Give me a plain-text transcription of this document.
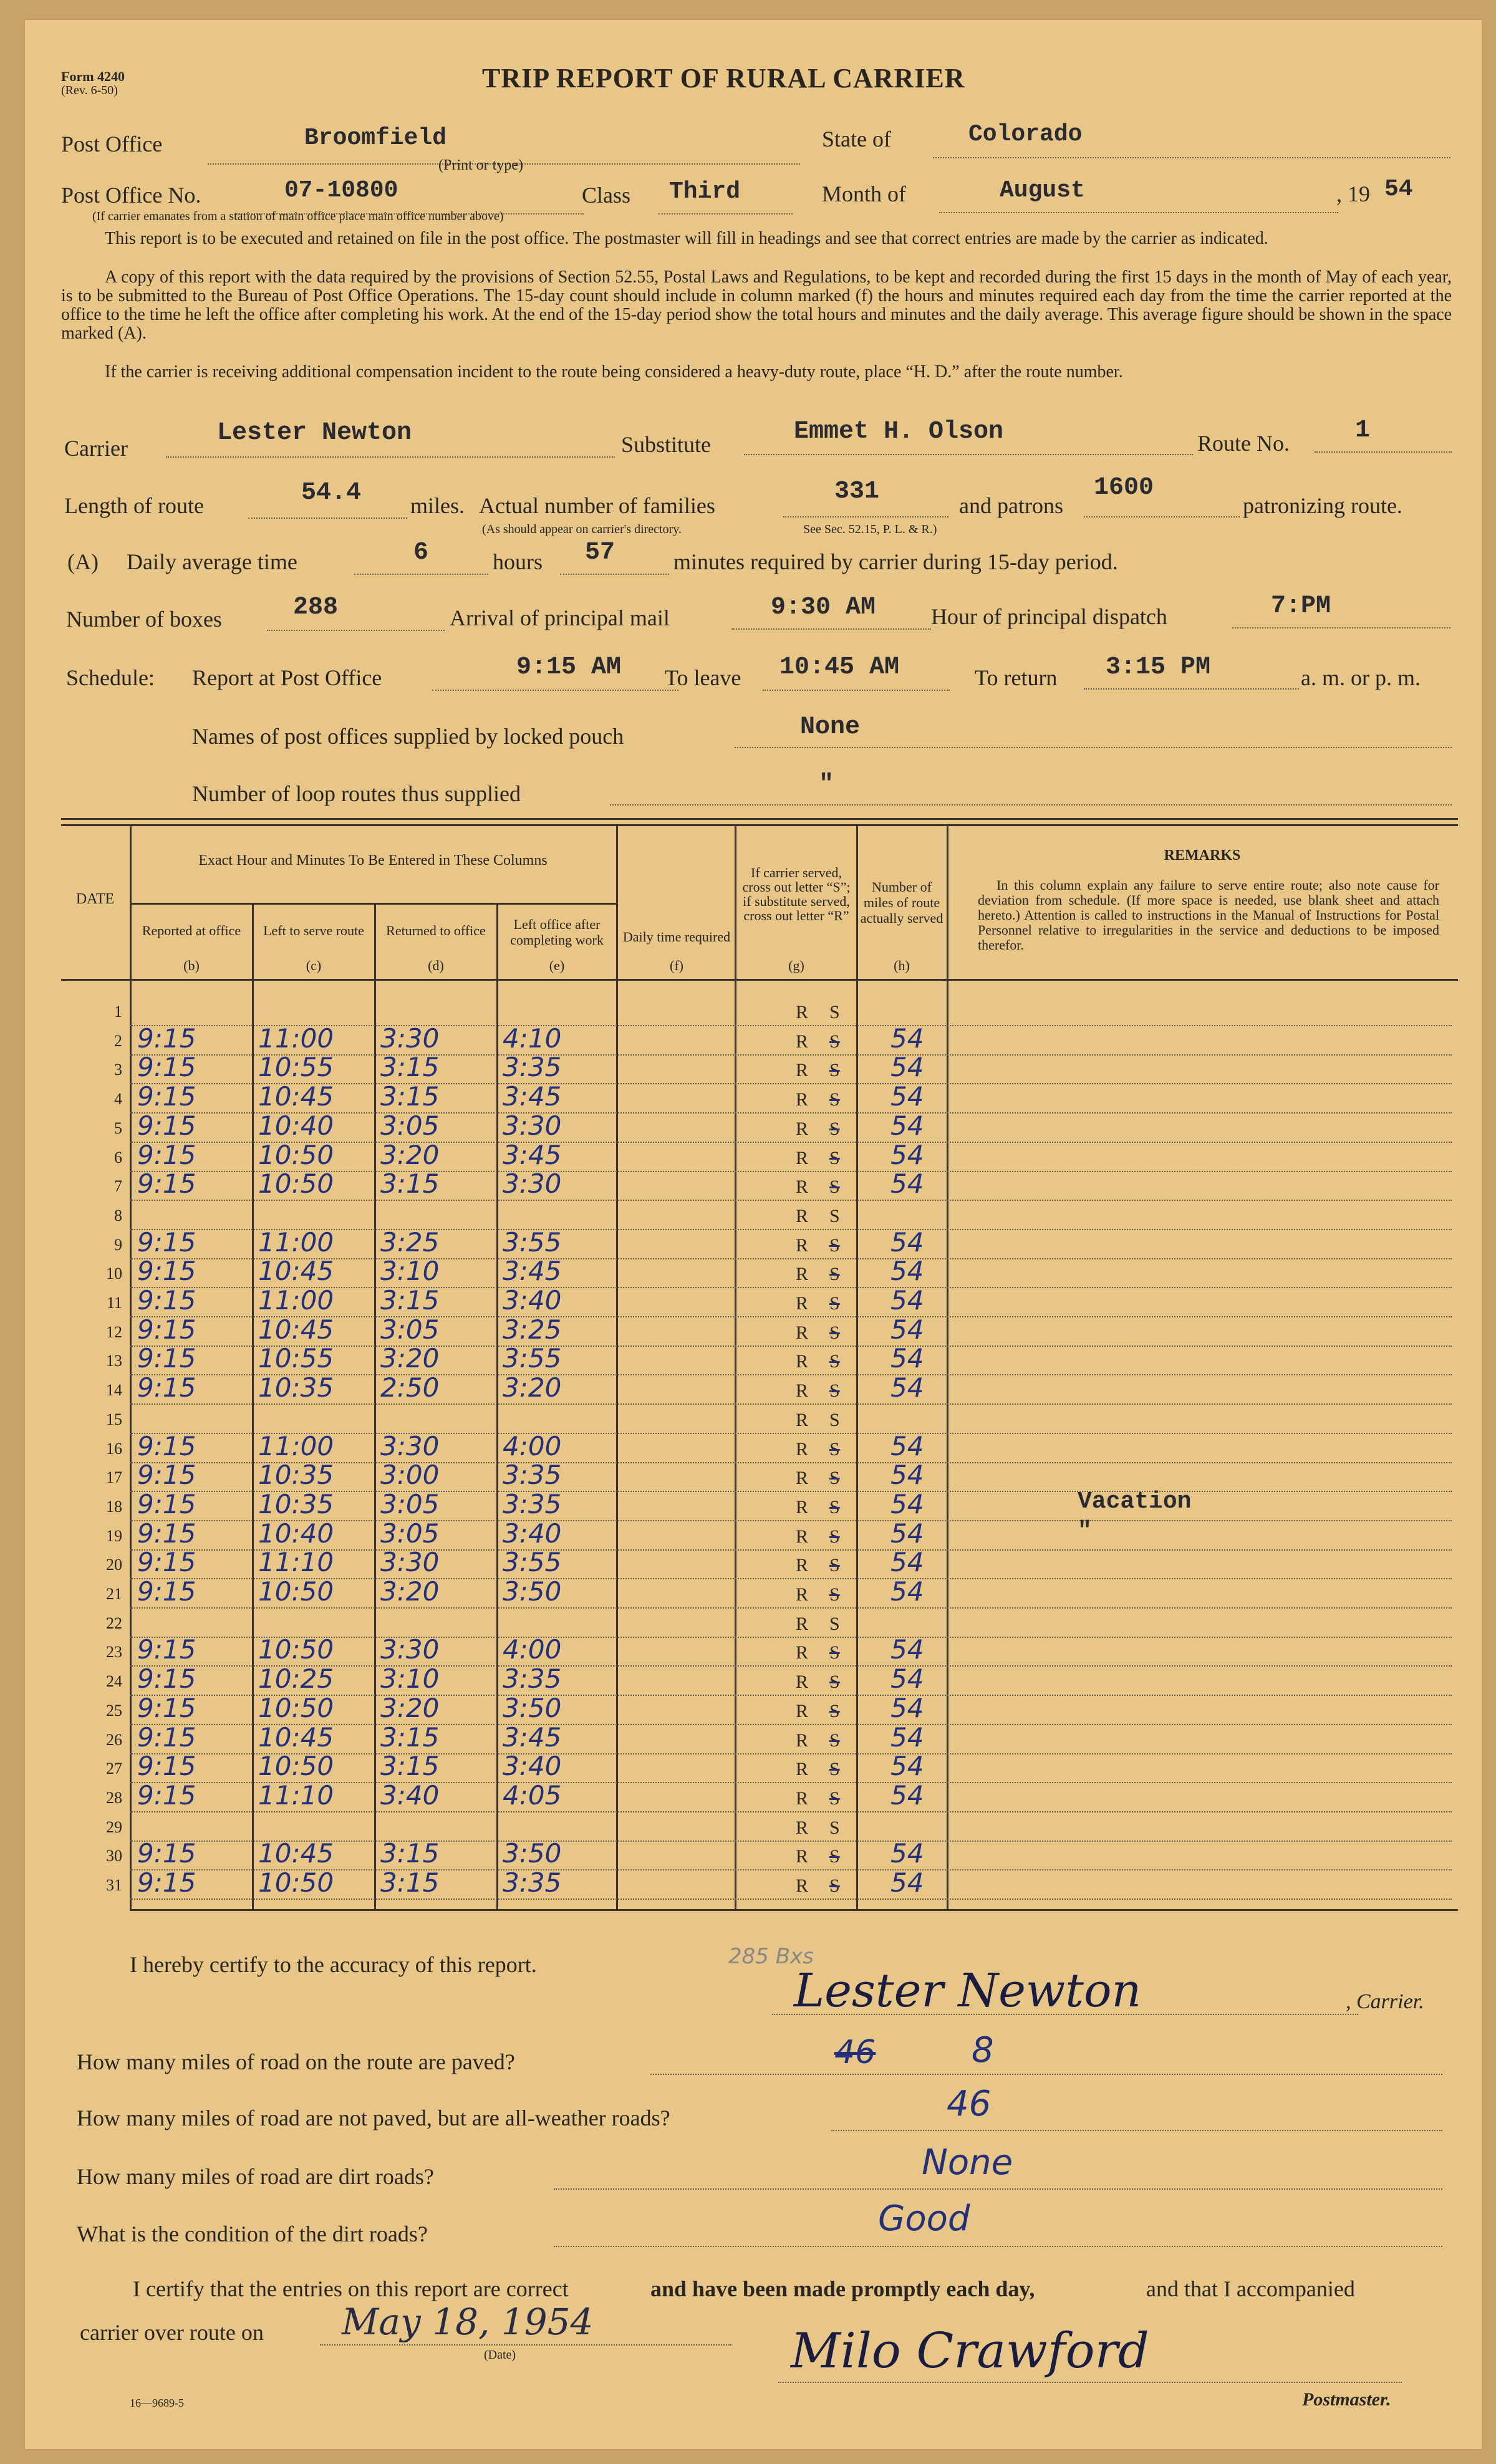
Form 4240
(Rev. 6-50)	TRIP REPORT OF RURAL CARRIER
Post Office	Broomfield
(Print or type)
State of	Colorado
Post Office No.	07-10800	Class Third	Month of	August	, 19 54
(If carrier emanates from a station of main office place main office number above)
This report is to be executed and retained on file in the post office. The postmaster will fill in headings and see that correct entries are made by the carrier as indicated.
A copy of this report with the data required by the provisions of Section 52.55, Postal Laws and Regulations, to be kept and recorded during the first 15 days in the month of May of each year, is to be submitted to the Bureau of Post Office Operations. The 15-day count should include in column marked (f) the hours and minutes required each day from the time the carrier reported at the office to the time he left the office after completing his work. At the end of the 15-day period show the total hours and minutes and the daily average. This average figure should be shown in the space marked (A).
If the carrier is receiving additional compensation incident to the route being considered a heavy-duty route, place “H. D.” after the route number.
Carrier
Lester Newton	Substitute	Emmet H. Olson	Route No.	1
Length of route	54.4 miles. Actual number of families	331	and patrons
1600
patronizing route.
(As should appear on carrier's directory.	See Sec. 52.15, P. L. & R.)
(A) Daily average time	6	hours 57	minutes required by carrier during 15-day period.
Number of boxes	288	Arrival of principal mail	9:30 AM Hour of principal dispatch	7:PM
Schedule: Report at Post Office	9:15 AM To leave 10:45 AM	To return 3:15 PM	a. m. or p. m.
Names of post offices supplied by locked pouch	None
Number of loop routes thus supplied	"
Exact Hour and Minutes To Be Entered in These Columns
DATE
Reported at office
(b)
Left to serve route
(c)
Returned to office
(d)
Left office after completing work
(e)
Daily time required
(f)
If carrier served, cross out letter “S”; if substitute served, cross out letter “R”
(g)
Number of miles of route actually served
(h)
REMARKS
In this column explain any failure to serve entire route; also note cause for deviation from schedule. (If more space is needed, use blank sheet and attach hereto.) Attention is called to instructions in the Manual of Instructions for Postal Personnel relative to irregularities in the service and deductions to be imposed therefor.
1	R S
2 9:15 11:00 3:30 4:10	R S 54
3 9:15 10:55 3:15 3:35	R S 54
4 9:15 10:45 3:15 3:45	R S 54
5 9:15 10:40 3:05 3:30	R S 54
6 9:15 10:50 3:20 3:45	R S 54
7 9:15 10:50 3:15 3:30	R S 54
8	R S
9 9:15 11:00 3:25 3:55	R S 54
10 9:15 10:45 3:10 3:45	R S 54
11 9:15 11:00 3:15 3:40	R S 54
12 9:15 10:45 3:05 3:25	R S 54
13 9:15 10:55 3:20 3:55	R S 54
14 9:15 10:35 2:50 3:20	R S 54
15	R S
16 9:15 11:00 3:30 4:00	R S 54
17 9:15 10:35 3:00 3:35	R S 54
18 9:15 10:35 3:05 3:35	R S 54	Vacation
19 9:15 10:40 3:05 3:40	R S 54	"
20 9:15 11:10 3:30 3:55	R S 54
21 9:15 10:50 3:20 3:50	R S 54
22	R S
23 9:15 10:50 3:30 4:00	R S 54
24 9:15 10:25 3:10 3:35	R S 54
25 9:15 10:50 3:20 3:50	R S 54
26 9:15 10:45 3:15 3:45	R S 54
27 9:15 10:50 3:15 3:40	R S 54
28 9:15 11:10 3:40 4:05	R S 54
29	R S
30 9:15 10:45 3:15 3:50	R S 54
31 9:15 10:50 3:15 3:35	R S 54
I hereby certify to the accuracy of this report.	285 Bxs
Lester Newton	, Carrier.
How many miles of road on the route are paved?	46	8
How many miles of road are not paved, but are all-weather roads?	46
How many miles of road are dirt roads?	None
What is the condition of the dirt roads?	Good
I certify that the entries on this report are correct	and have been made promptly each day,	and that I accompanied
carrier over route on May 18, 1954
(Date)	Milo Crawford
Postmaster.
16—9689-5
